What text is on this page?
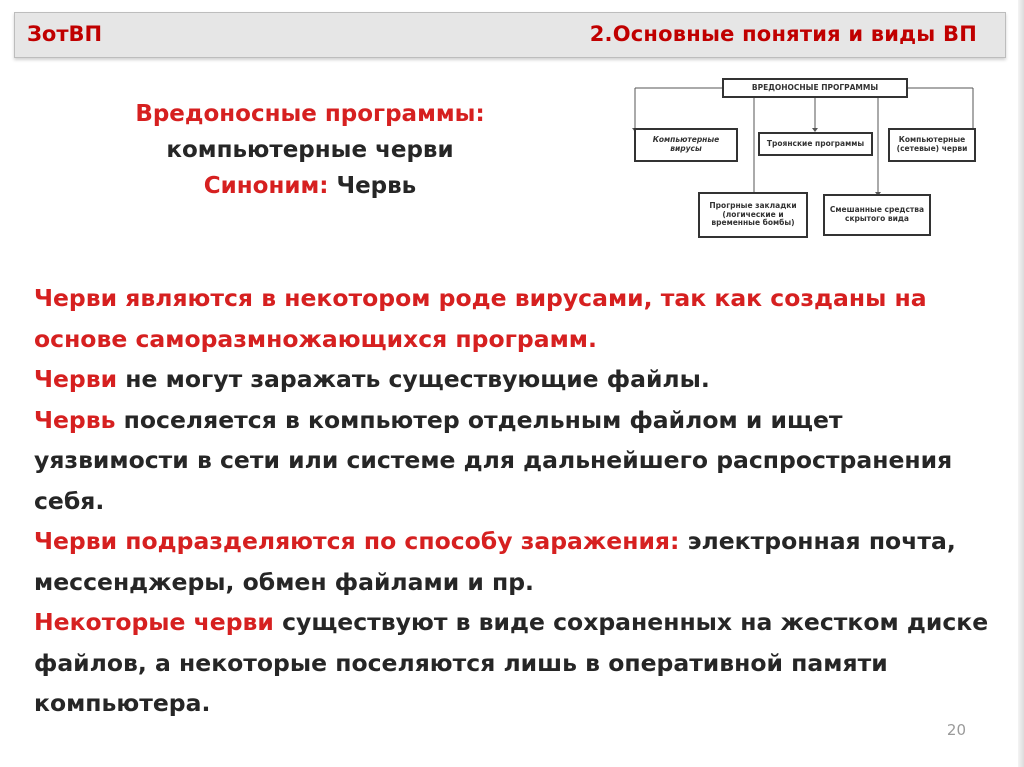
ЗотВП	2.Основные понятия и виды ВП
Вредоносные программы:
компьютерные черви
Синоним: Червь
ВРЕДОНОСНЫЕ ПРОГРАММЫ
Компьютерные вирусы
Троянские программы	Компьютерные (сетевые) черви
Прогрные закладки (логические и временные бомбы)
Смешанные средства скрытого вида

Черви являются в некотором роде вирусами, так как созданы на основе саморазмножающихся программ.

Черви не могут заражать существующие файлы.

Червь поселяется в компьютер отдельным файлом и ищет уязвимости в сети или системе для дальнейшего распространения себя.

Черви подразделяются по способу заражения: электронная почта, мессенджеры, обмен файлами и пр.

Некоторые черви существуют в виде сохраненных на жестком диске файлов, а некоторые поселяются лишь в оперативной памяти компьютера.

20
